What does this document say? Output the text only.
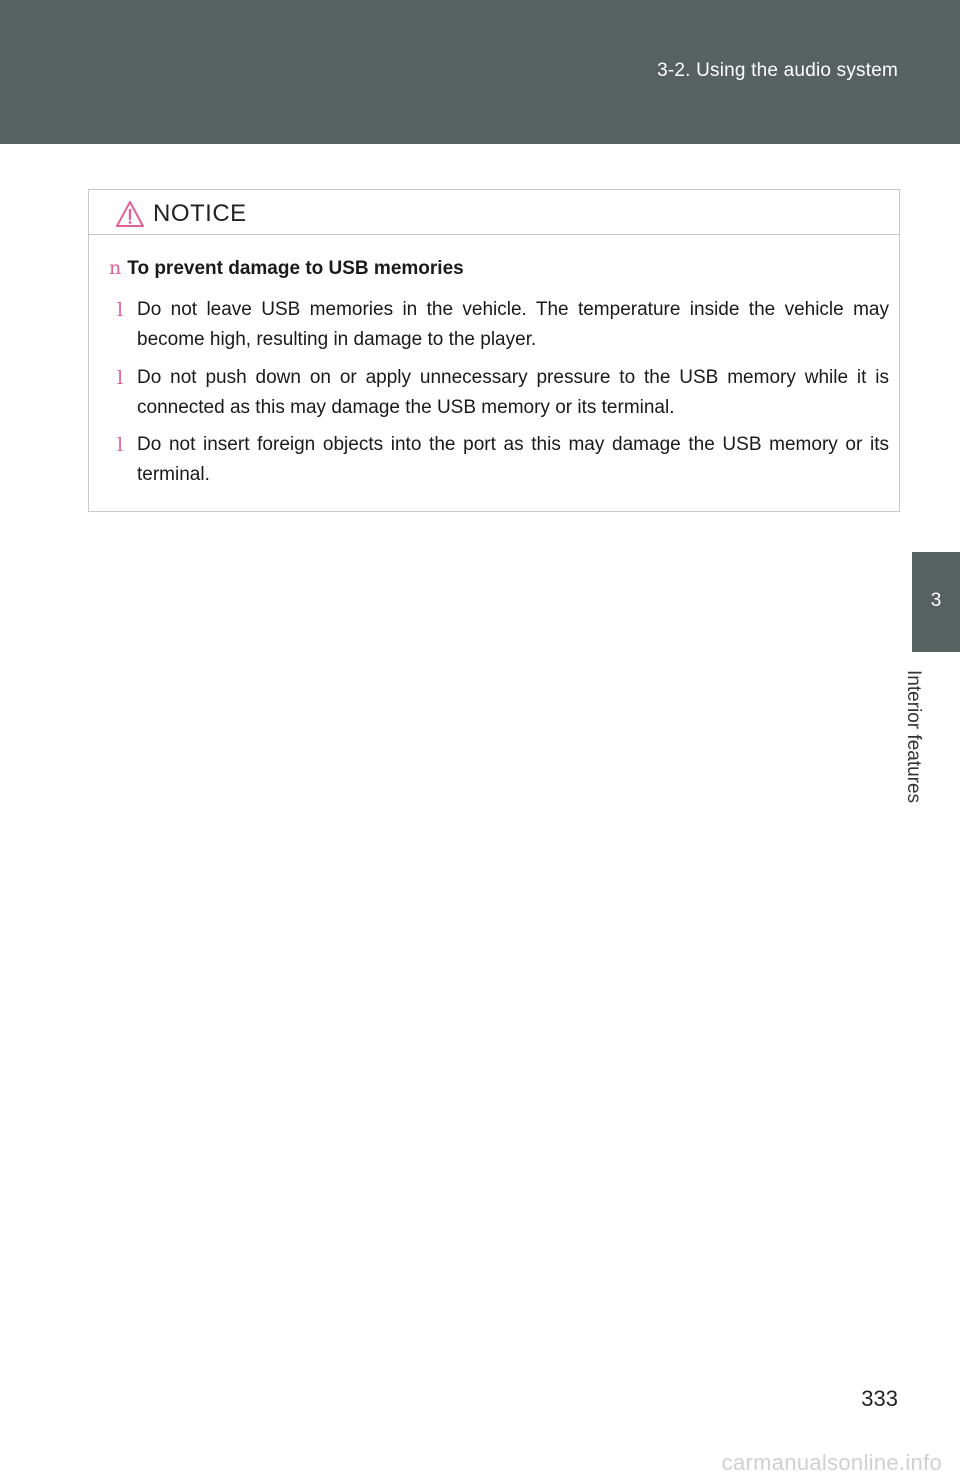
3-2. Using the audio system
3
Interior features
NOTICE
n To prevent damage to USB memories
l Do not leave USB memories in the vehicle. The temperature inside the vehicle may become high, resulting in damage to the player.
l Do not push down on or apply unnecessary pressure to the USB memory while it is connected as this may damage the USB memory or its terminal.
l Do not insert foreign objects into the port as this may damage the USB memory or its terminal.
333
carmanualsonline.info
